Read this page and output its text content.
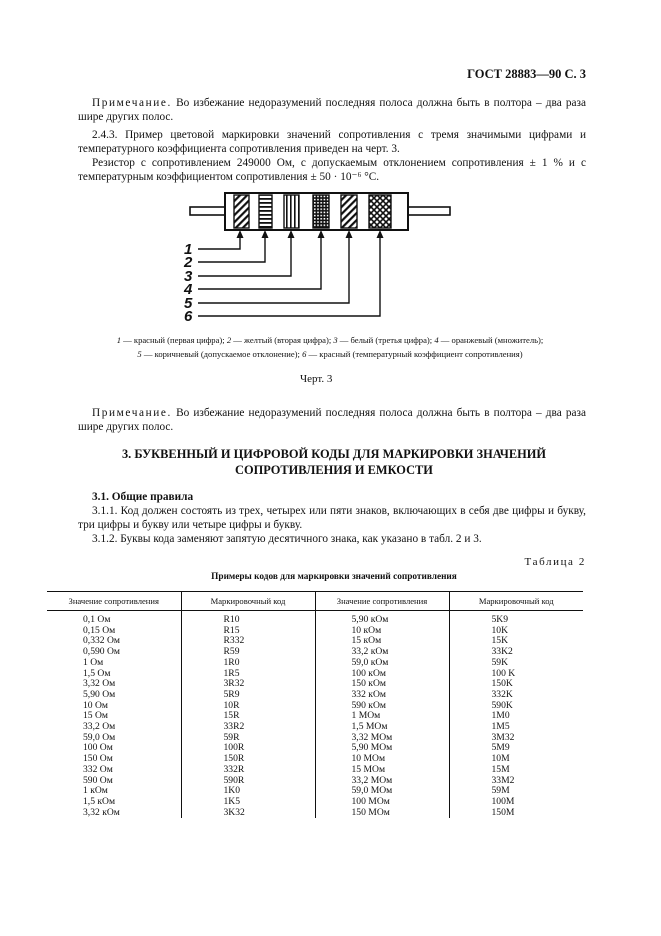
ГОСТ 28883—90 С. 3
Примечание. Во избежание недоразумений последняя полоса должна быть в полтора – два раза шире других полос.
2.4.3. Пример цветовой маркировки значений сопротивления с тремя значимыми цифрами и температурного коэффициента сопротивления приведен на черт. 3.
Резистор с сопротивлением 249000 Ом, с допускаемым отклонением сопротивления ± 1 % и с температурным коэффициентом сопротивления ± 50 · 10⁻⁶ °С.
1
2
3
4
5
6
1 — красный (первая цифра); 2 — желтый (вторая цифра); 3 — белый (третья цифра); 4 — оранжевый (множитель);
5 — коричневый (допускаемое отклонение); 6 — красный (температурный коэффициент сопротивления)
Черт. 3
Примечание. Во избежание недоразумений последняя полоса должна быть в полтора – два раза шире других полос.
3. БУКВЕННЫЙ И ЦИФРОВОЙ КОДЫ ДЛЯ МАРКИРОВКИ ЗНАЧЕНИЙ СОПРОТИВЛЕНИЯ И ЕМКОСТИ
3.1. Общие правила
3.1.1. Код должен состоять из трех, четырех или пяти знаков, включающих в себя две цифры и букву, три цифры и букву или четыре цифры и букву.
3.1.2. Буквы кода заменяют запятую десятичного знака, как указано в табл. 2 и 3.
Таблица 2
Примеры кодов для маркировки значений сопротивления
Значение сопротивления	Маркировочный код	Значение сопротивления	Маркировочный код
0,1 Ом	R10	5,90 кОм	5K9
0,15 Ом	R15	10 кОм	10K
0,332 Ом	R332	15 кОм	15K
0,590 Ом	R59	33,2 кОм	33K2
1 Ом	1R0	59,0 кОм	59K
1,5 Ом	1R5	100 кОм	100 K
3,32 Ом	3R32	150 кОм	150K
5,90 Ом	5R9	332 кОм	332K
10 Ом	10R	590 кОм	590K
15 Ом	15R	1 МОм	1M0
33,2 Ом	33R2	1,5 МОм	1M5
59,0 Ом	59R	3,32 МОм	3M32
100 Ом	100R	5,90 МОм	5M9
150 Ом	150R	10 МОм	10M
332 Ом	332R	15 МОм	15M
590 Ом	590R	33,2 МОм	33M2
1 кОм	1K0	59,0 МОм	59M
1,5 кОм	1K5	100 МОм	100M
3,32 кОм	3K32	150 МОм	150M
